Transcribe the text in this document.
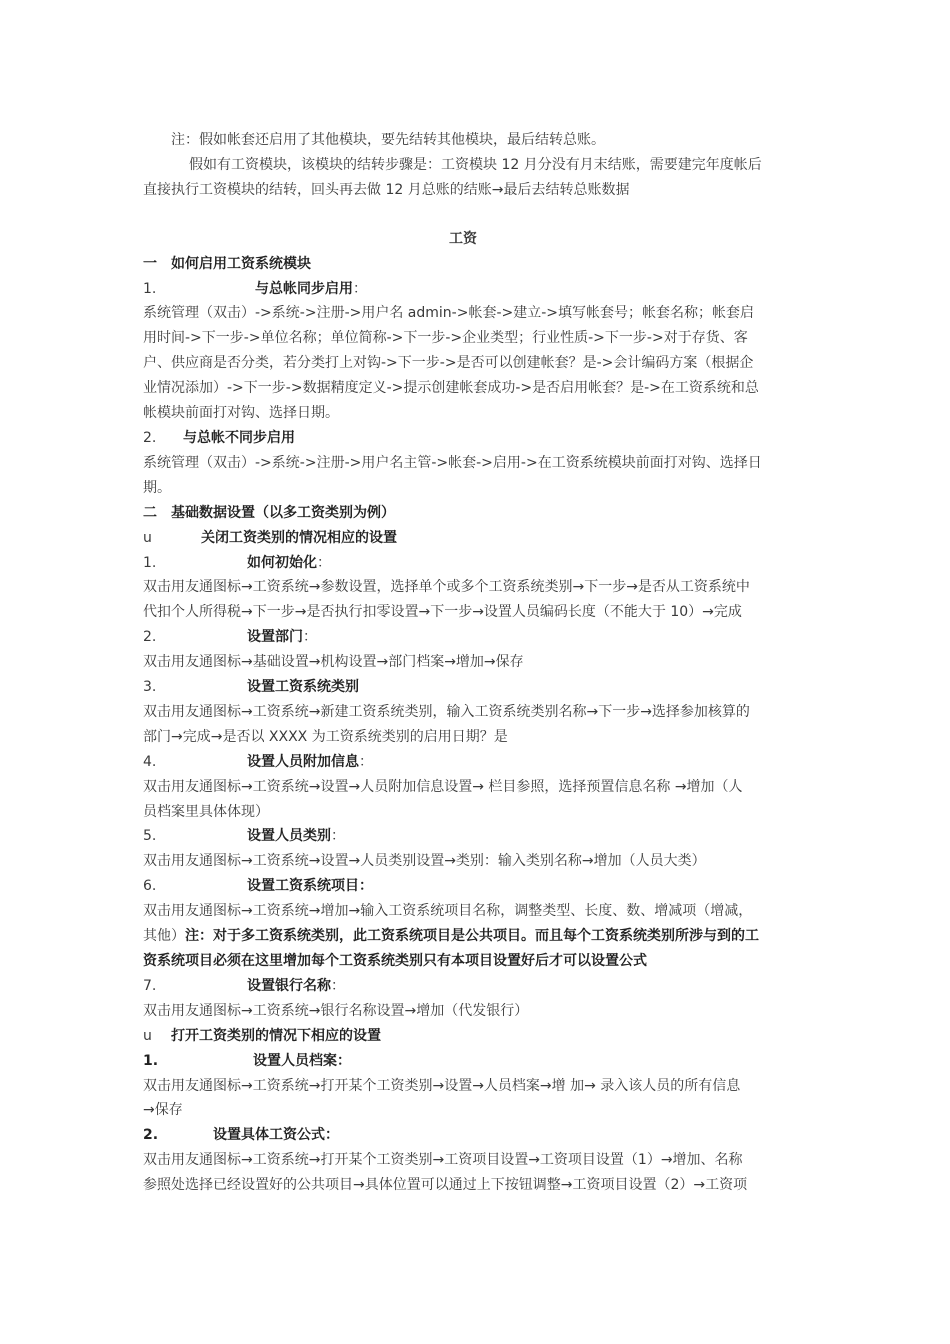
注：假如帐套还启用了其他模块，要先结转其他模块，最后结转总账。
假如有工资模块，该模块的结转步骤是：工资模块 12 月分没有月末结账，需要建完年度帐后
直接执行工资模块的结转，回头再去做 12 月总账的结账→最后去结转总账数据
工资
一　如何启用工资系统模块
1.	与总帐同步启用：
系统管理（双击）->系统->注册->用户名 admin->帐套->建立->填写帐套号；帐套名称；帐套启
用时间->下一步->单位名称；单位简称->下一步->企业类型；行业性质->下一步->对于存货、客
户、供应商是否分类，若分类打上对钩->下一步->是否可以创建帐套？是->会计编码方案（根据企
业情况添加）->下一步->数据精度定义->提示创建帐套成功->是否启用帐套？是->在工资系统和总
帐模块前面打对钩、选择日期。
2. 与总帐不同步启用
系统管理（双击）->系统->注册->用户名主管->帐套->启用->在工资系统模块前面打对钩、选择日
期。
二　基础数据设置（以多工资类别为例）
u	关闭工资类别的情况相应的设置
1.	如何初始化：
双击用友通图标→工资系统→参数设置，选择单个或多个工资系统类别→下一步→是否从工资系统中
代扣个人所得税→下一步→是否执行扣零设置→下一步→设置人员编码长度（不能大于 10）→完成
2.	设置部门：
双击用友通图标→基础设置→机构设置→部门档案→增加→保存
3.	设置工资系统类别
双击用友通图标→工资系统→新建工资系统类别，输入工资系统类别名称→下一步→选择参加核算的
部门→完成→是否以 XXXX 为工资系统类别的启用日期？是
4.	设置人员附加信息：
双击用友通图标→工资系统→设置→人员附加信息设置→ 栏目参照，选择预置信息名称 →增加（人
员档案里具体体现）
5.	设置人员类别：
双击用友通图标→工资系统→设置→人员类别设置→类别：输入类别名称→增加（人员大类）
6.	设置工资系统项目：
双击用友通图标→工资系统→增加→输入工资系统项目名称，调整类型、长度、数、增减项（增减，
其他）注：对于多工资系统类别，此工资系统项目是公共项目。而且每个工资系统类别所涉与到的工
资系统项目必须在这里增加每个工资系统类别只有本项目设置好后才可以设置公式
7.	设置银行名称：
双击用友通图标→工资系统→银行名称设置→增加（代发银行）
u 打开工资类别的情况下相应的设置
1.	设置人员档案：
双击用友通图标→工资系统→打开某个工资类别→设置→人员档案→增 加→ 录入该人员的所有信息
→保存
2.	设置具体工资公式：
双击用友通图标→工资系统→打开某个工资类别→工资项目设置→工资项目设置（1）→增加、名称
参照处选择已经设置好的公共项目→具体位置可以通过上下按钮调整→工资项目设置（2）→工资项
